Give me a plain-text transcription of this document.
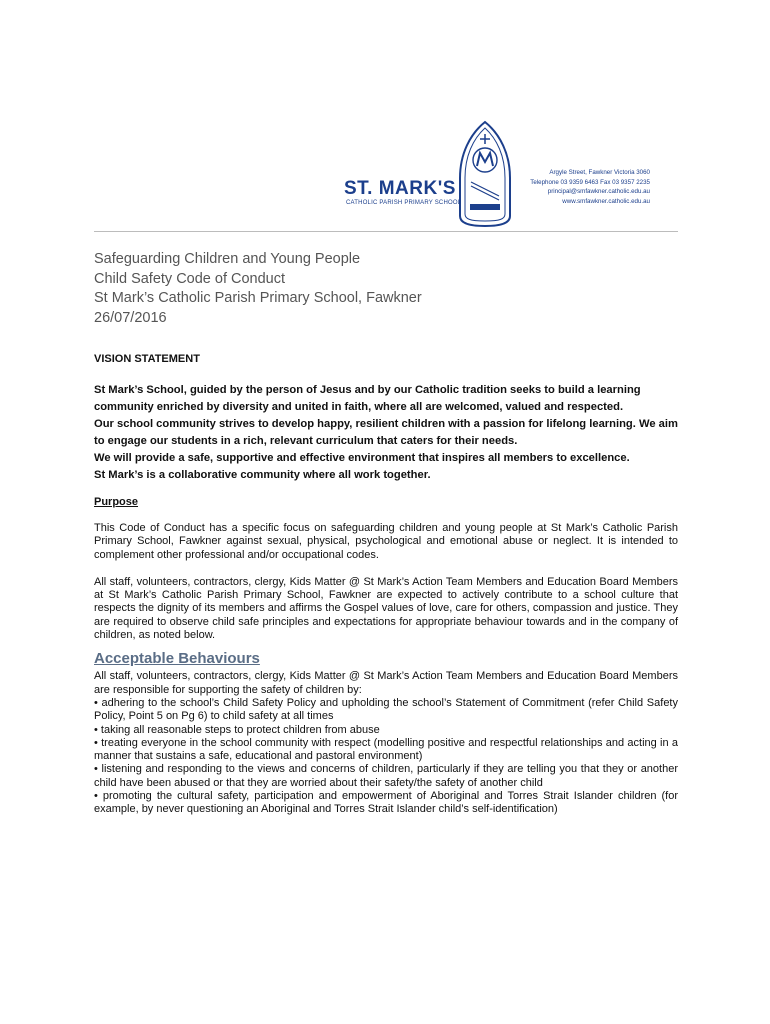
ST. MARK'S
CATHOLIC PARISH PRIMARY SCHOOL
Argyle Street, Fawkner Victoria 3060
Telephone 03 9359 6463 Fax 03 9357 2235
principal@smfawkner.catholic.edu.au
www.smfawkner.catholic.edu.au

Safeguarding Children and Young People

Child Safety Code of Conduct

St Mark’s Catholic Parish Primary School, Fawkner

26/07/2016

VISION STATEMENT

St Mark’s School, guided by the person of Jesus and by our Catholic tradition seeks to build a learning community enriched by diversity and united in faith, where all are welcomed, valued and respected.
Our school community strives to develop happy, resilient children with a passion for lifelong learning. We aim to engage our students in a rich, relevant curriculum that caters for their needs.
We will provide a safe, supportive and effective environment that inspires all members to excellence.
St Mark’s is a collaborative community where all work together.

Purpose

This Code of Conduct has a specific focus on safeguarding children and young people at St Mark’s Catholic Parish Primary School, Fawkner against sexual, physical, psychological and emotional abuse or neglect. It is intended to complement other professional and/or occupational codes.

All staff, volunteers, contractors, clergy, Kids Matter @ St Mark’s Action Team Members and Education Board Members at St Mark’s Catholic Parish Primary School, Fawkner are expected to actively contribute to a school culture that respects the dignity of its members and affirms the Gospel values of love, care for others, compassion and justice. They are required to observe child safe principles and expectations for appropriate behaviour towards and in the company of children, as noted below.

Acceptable Behaviours

All staff, volunteers, contractors, clergy, Kids Matter @ St Mark’s Action Team Members and Education Board Members are responsible for supporting the safety of children by:

• adhering to the school’s Child Safety Policy and upholding the school’s Statement of Commitment (refer Child Safety Policy, Point 5 on Pg 6) to child safety at all times

• taking all reasonable steps to protect children from abuse

• treating everyone in the school community with respect (modelling positive and respectful relationships and acting in a manner that sustains a safe, educational and pastoral environment)

• listening and responding to the views and concerns of children, particularly if they are telling you that they or another child have been abused or that they are worried about their safety/the safety of another child

• promoting the cultural safety, participation and empowerment of Aboriginal and Torres Strait Islander children (for example, by never questioning an Aboriginal and Torres Strait Islander child’s self-identification)
